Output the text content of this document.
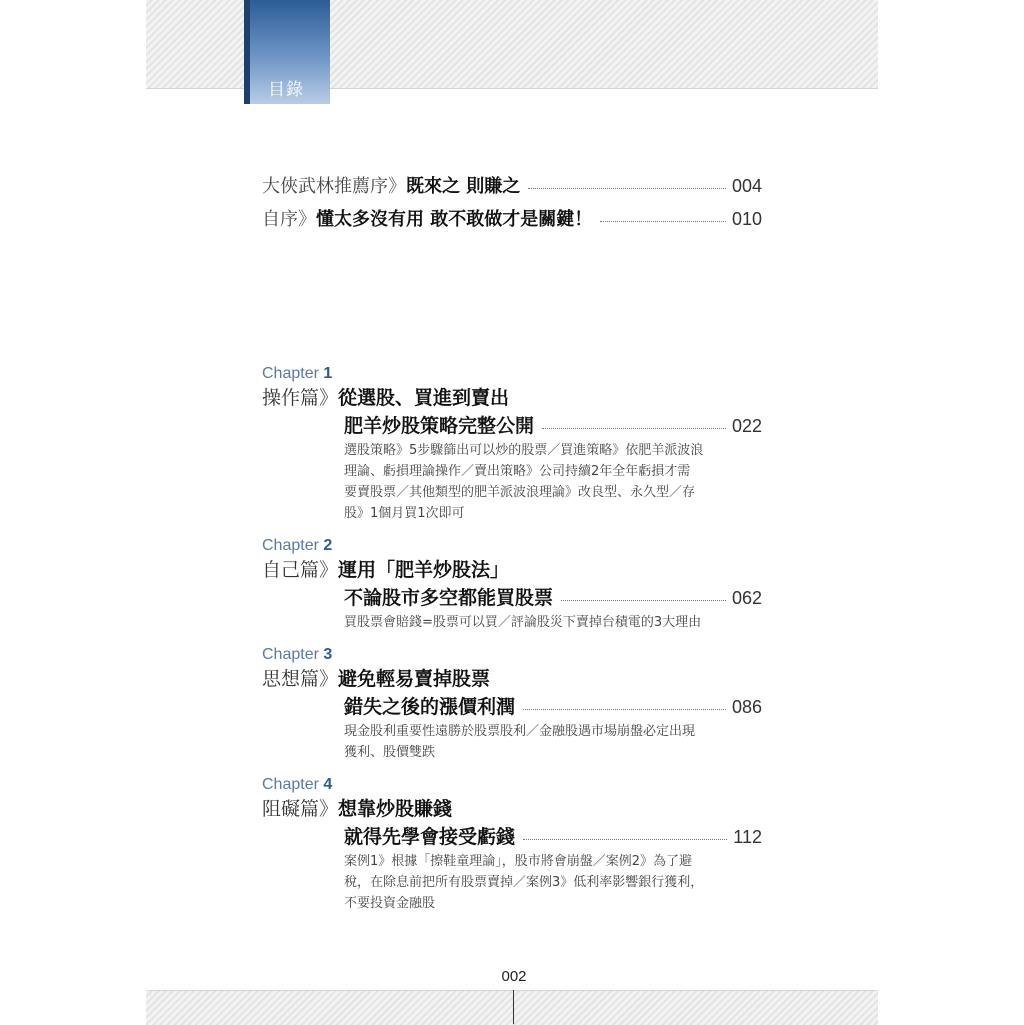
目錄
大俠武林推薦序》 既來之 則賺之	004
自序》 懂太多沒有用 敢不敢做才是關鍵！	010
Chapter 1
操作篇》 從選股、買進到賣出
肥羊炒股策略完整公開	022
選股策略》5步驟篩出可以炒的股票／買進策略》依肥羊派波浪
理論、虧損理論操作／賣出策略》公司持續2年全年虧損才需
要賣股票／其他類型的肥羊派波浪理論》改良型、永久型／存
股》1個月買1次即可
Chapter 2
自己篇》 運用「肥羊炒股法」
不論股市多空都能買股票	062
買股票會賠錢=股票可以買／評論股災下賣掉台積電的3大理由
Chapter 3
思想篇》 避免輕易賣掉股票
錯失之後的漲價利潤	086
現金股利重要性遠勝於股票股利／金融股遇市場崩盤必定出現
獲利、股價雙跌
Chapter 4
阻礙篇》 想靠炒股賺錢
就得先學會接受虧錢	112
案例1》根據「擦鞋童理論」，股市將會崩盤／案例2》為了避
稅，在除息前把所有股票賣掉／案例3》低利率影響銀行獲利，
不要投資金融股
002
